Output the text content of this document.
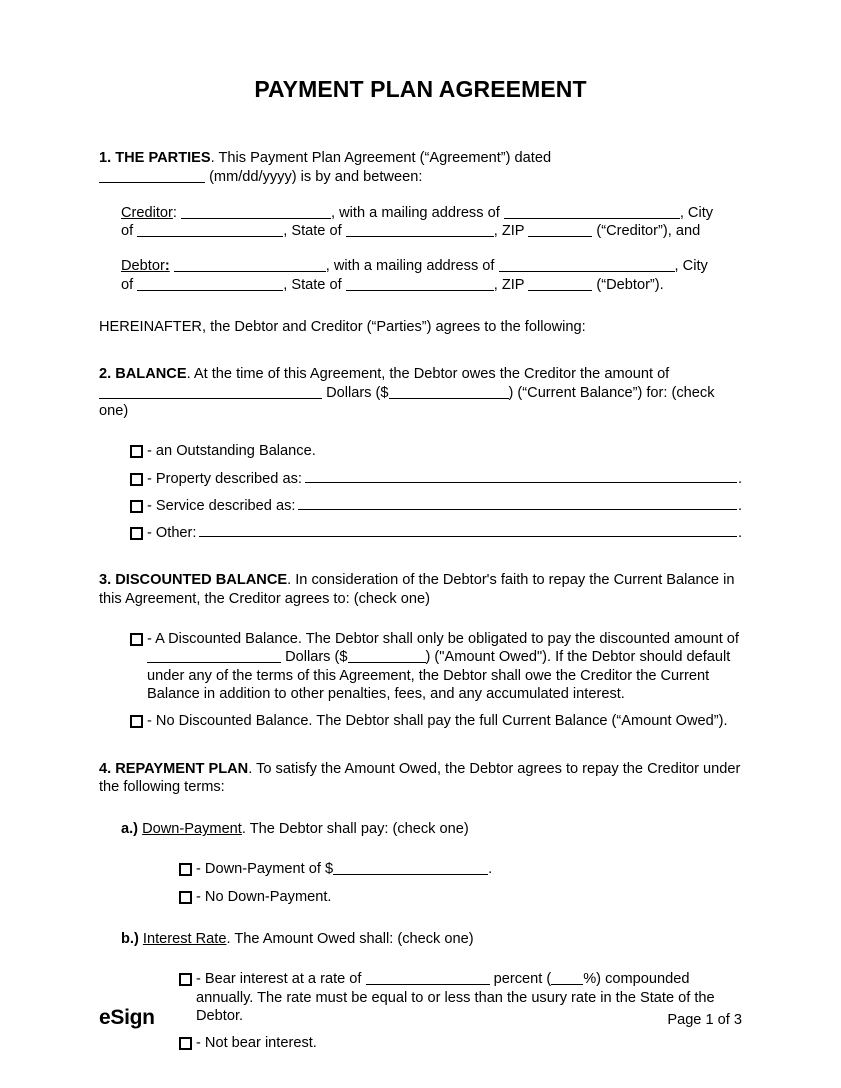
PAYMENT PLAN AGREEMENT

1. THE PARTIES. This Payment Plan Agreement (“Agreement”) dated
(mm/dd/yyyy) is by and between:

Creditor:	, with a mailing address of	, City
of	, State of	, ZIP	(“Creditor”), and
Debtor:	, with a mailing address of	, City
of	, State of	, ZIP	(“Debtor”).

HEREINAFTER, the Debtor and Creditor (“Parties”) agrees to the following:

2. BALANCE. At the time of this Agreement, the Debtor owes the Creditor the amount of
Dollars ($	) (“Current Balance”) for: (check one)

- an Outstanding Balance.
- Property described as:	.
- Service described as:	.
- Other:	.

3. DISCOUNTED BALANCE. In consideration of the Debtor's faith to repay the Current Balance in this Agreement, the Creditor agrees to: (check one)

- A Discounted Balance. The Debtor shall only be obligated to pay the discounted amount of  Dollars ($	) ("Amount Owed"). If the Debtor should default under any of the terms of this Agreement, the Debtor shall owe the Creditor the Current Balance in addition to other penalties, fees, and any accumulated interest.
- No Discounted Balance. The Debtor shall pay the full Current Balance (“Amount Owed”).

4. REPAYMENT PLAN. To satisfy the Amount Owed, the Debtor agrees to repay the Creditor under the following terms:

a.) Down-Payment. The Debtor shall pay: (check one)

- Down-Payment of $	.
- No Down-Payment.

b.) Interest Rate. The Amount Owed shall: (check one)

- Bear interest at a rate of	percent ( %) compounded annually. The rate must be equal to or less than the usury rate in the State of the Debtor.
- Not bear interest.
eSign	Page 1 of 3
